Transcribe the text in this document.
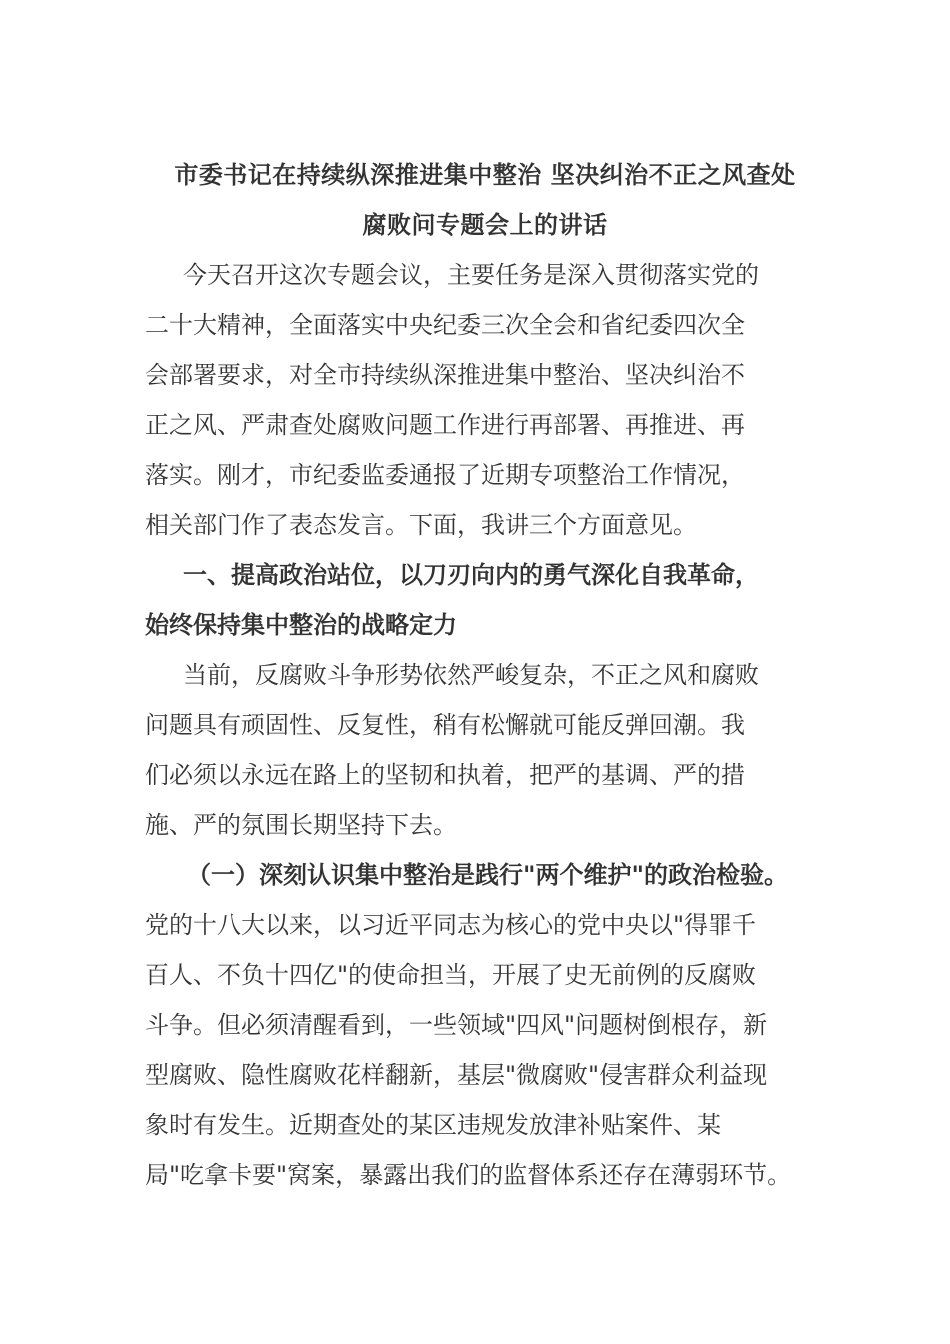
市委书记在持续纵深推进集中整治 坚决纠治不正之风查处
腐败问专题会上的讲话
今天召开这次专题会议，主要任务是深入贯彻落实党的
二十大精神，全面落实中央纪委三次全会和省纪委四次全
会部署要求，对全市持续纵深推进集中整治、坚决纠治不
正之风、严肃查处腐败问题工作进行再部署、再推进、再
落实。刚才，市纪委监委通报了近期专项整治工作情况，
相关部门作了表态发言。下面，我讲三个方面意见。
一、提高政治站位，以刀刃向内的勇气深化自我革命，
始终保持集中整治的战略定力
当前，反腐败斗争形势依然严峻复杂，不正之风和腐败
问题具有顽固性、反复性，稍有松懈就可能反弹回潮。我
们必须以永远在路上的坚韧和执着，把严的基调、严的措
施、严的氛围长期坚持下去。
（一）深刻认识集中整治是践行"两个维护"的政治检验。
党的十八大以来，以习近平同志为核心的党中央以"得罪千
百人、不负十四亿"的使命担当，开展了史无前例的反腐败
斗争。但必须清醒看到，一些领域"四风"问题树倒根存，新
型腐败、隐性腐败花样翻新，基层"微腐败"侵害群众利益现
象时有发生。近期查处的某区违规发放津补贴案件、某
局"吃拿卡要"窝案，暴露出我们的监督体系还存在薄弱环节。
